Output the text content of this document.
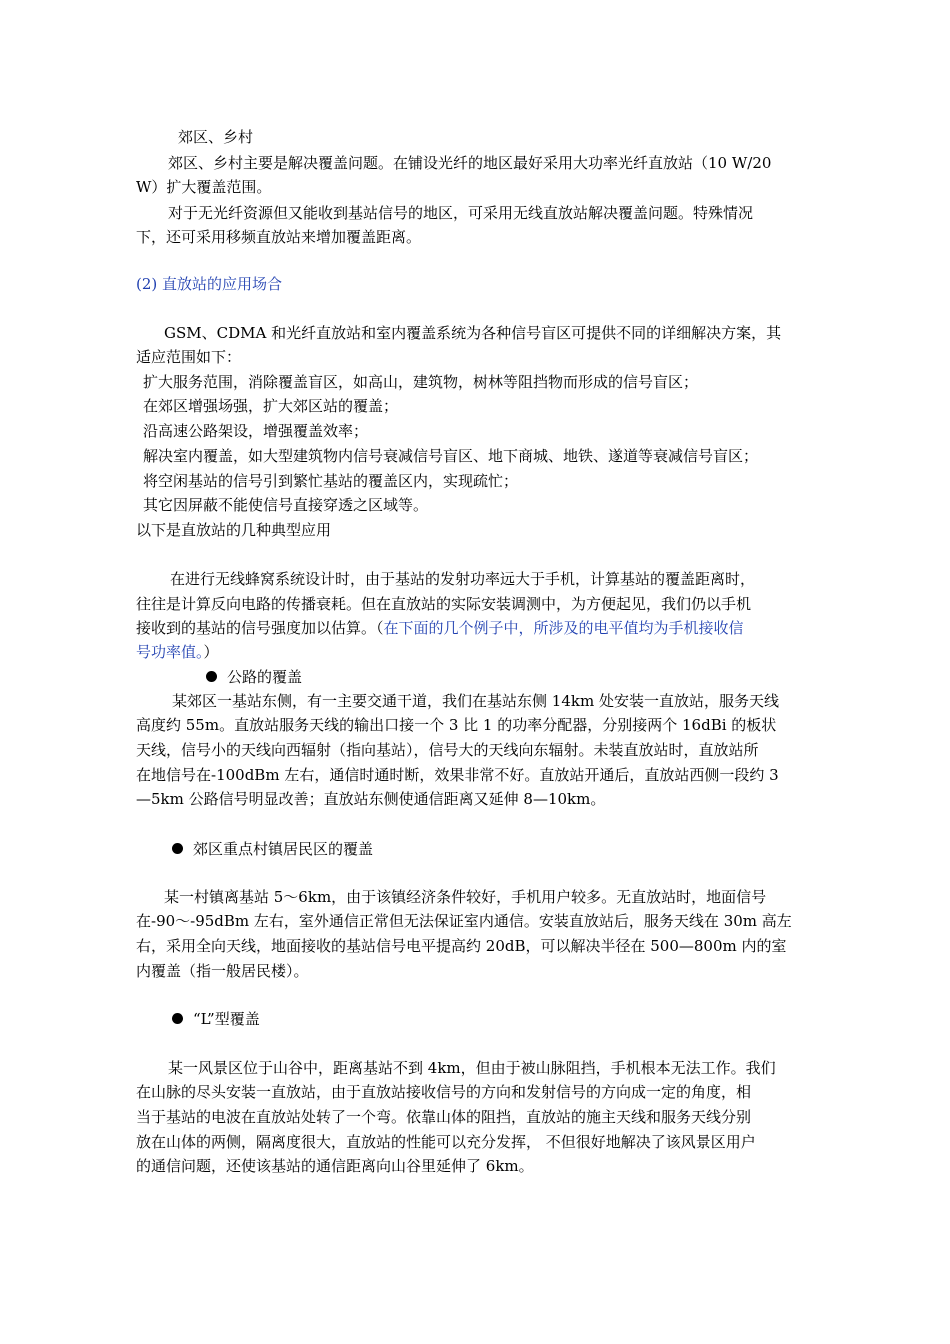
郊区、乡村
郊区、乡村主要是解决覆盖问题。在铺设光纤的地区最好采用大功率光纤直放站（10 W/20
W）扩大覆盖范围。
对于无光纤资源但又能收到基站信号的地区，可采用无线直放站解决覆盖问题。特殊情况
下，还可采用移频直放站来增加覆盖距离。
(2) 直放站的应用场合
GSM、CDMA 和光纤直放站和室内覆盖系统为各种信号盲区可提供不同的详细解决方案，其
适应范围如下：
扩大服务范围，消除覆盖盲区，如高山，建筑物，树林等阻挡物而形成的信号盲区；
在郊区增强场强，扩大郊区站的覆盖；
沿高速公路架设，增强覆盖效率；
解决室内覆盖，如大型建筑物内信号衰减信号盲区、地下商城、地铁、遂道等衰减信号盲区；
将空闲基站的信号引到繁忙基站的覆盖区内，实现疏忙；
其它因屏蔽不能使信号直接穿透之区域等。
以下是直放站的几种典型应用
在进行无线蜂窝系统设计时，由于基站的发射功率远大于手机，计算基站的覆盖距离时，
往往是计算反向电路的传播衰耗。但在直放站的实际安装调测中，为方便起见，我们仍以手机
接收到的基站的信号强度加以估算。（在下面的几个例子中，所涉及的电平值均为手机接收信
号功率值。）
公路的覆盖
某郊区一基站东侧，有一主要交通干道，我们在基站东侧 14km 处安装一直放站，服务天线
高度约 55m。直放站服务天线的输出口接一个 3 比 1 的功率分配器，分别接两个 16dBi 的板状
天线，信号小的天线向西辐射（指向基站），信号大的天线向东辐射。未装直放站时，直放站所
在地信号在-100dBm 左右，通信时通时断，效果非常不好。直放站开通后，直放站西侧一段约 3
—5km 公路信号明显改善；直放站东侧使通信距离又延伸 8—10km。
郊区重点村镇居民区的覆盖
某一村镇离基站 5～6km，由于该镇经济条件较好，手机用户较多。无直放站时，地面信号
在-90～-95dBm 左右，室外通信正常但无法保证室内通信。安装直放站后，服务天线在 30m 高左
右，采用全向天线，地面接收的基站信号电平提高约 20dB，可以解决半径在 500—800m 内的室
内覆盖（指一般居民楼）。
“L”型覆盖
某一风景区位于山谷中，距离基站不到 4km，但由于被山脉阻挡，手机根本无法工作。我们
在山脉的尽头安装一直放站，由于直放站接收信号的方向和发射信号的方向成一定的角度，相
当于基站的电波在直放站处转了一个弯。依靠山体的阻挡，直放站的施主天线和服务天线分别
放在山体的两侧，隔离度很大，直放站的性能可以充分发挥， 不但很好地解决了该风景区用户
的通信问题，还使该基站的通信距离向山谷里延伸了 6km。
